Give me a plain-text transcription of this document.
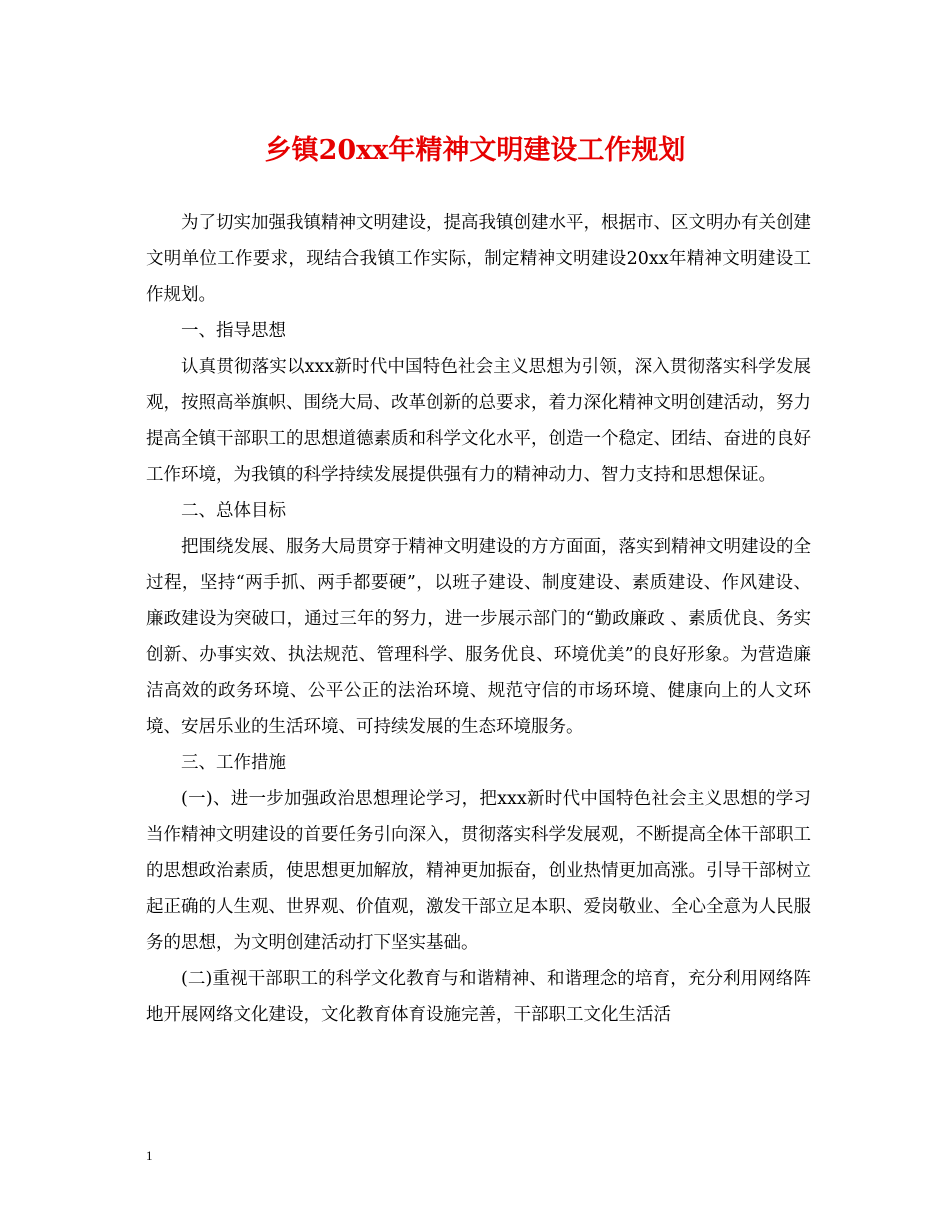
乡镇20xx年精神文明建设工作规划

为了切实加强我镇精神文明建设，提高我镇创建水平，根据市、区文明办有关创建文明单位工作要求，现结合我镇工作实际，制定精神文明建设20xx年精神文明建设工作规划。

一、指导思想

认真贯彻落实以xxx新时代中国特色社会主义思想为引领，深入贯彻落实科学发展观，按照高举旗帜、围绕大局、改革创新的总要求，着力深化精神文明创建活动，努力提高全镇干部职工的思想道德素质和科学文化水平，创造一个稳定、团结、奋进的良好工作环境，为我镇的科学持续发展提供强有力的精神动力、智力支持和思想保证。

二、总体目标

把围绕发展、服务大局贯穿于精神文明建设的方方面面，落实到精神文明建设的全过程，坚持“两手抓、两手都要硬”，以班子建设、制度建设、素质建设、作风建设、廉政建设为突破口，通过三年的努力，进一步展示部门的“勤政廉政 、素质优良、务实创新、办事实效、执法规范、管理科学、服务优良、环境优美”的良好形象。为营造廉洁高效的政务环境、公平公正的法治环境、规范守信的市场环境、健康向上的人文环境、安居乐业的生活环境、可持续发展的生态环境服务。

三、工作措施

(一)、进一步加强政治思想理论学习，把xxx新时代中国特色社会主义思想的学习当作精神文明建设的首要任务引向深入，贯彻落实科学发展观，不断提高全体干部职工的思想政治素质，使思想更加解放，精神更加振奋，创业热情更加高涨。引导干部树立起正确的人生观、世界观、价值观，激发干部立足本职、爱岗敬业、全心全意为人民服务的思想，为文明创建活动打下坚实基础。

(二)重视干部职工的科学文化教育与和谐精神、和谐理念的培育，充分利用网络阵地开展网络文化建设，文化教育体育设施完善，干部职工文化生活活

1
